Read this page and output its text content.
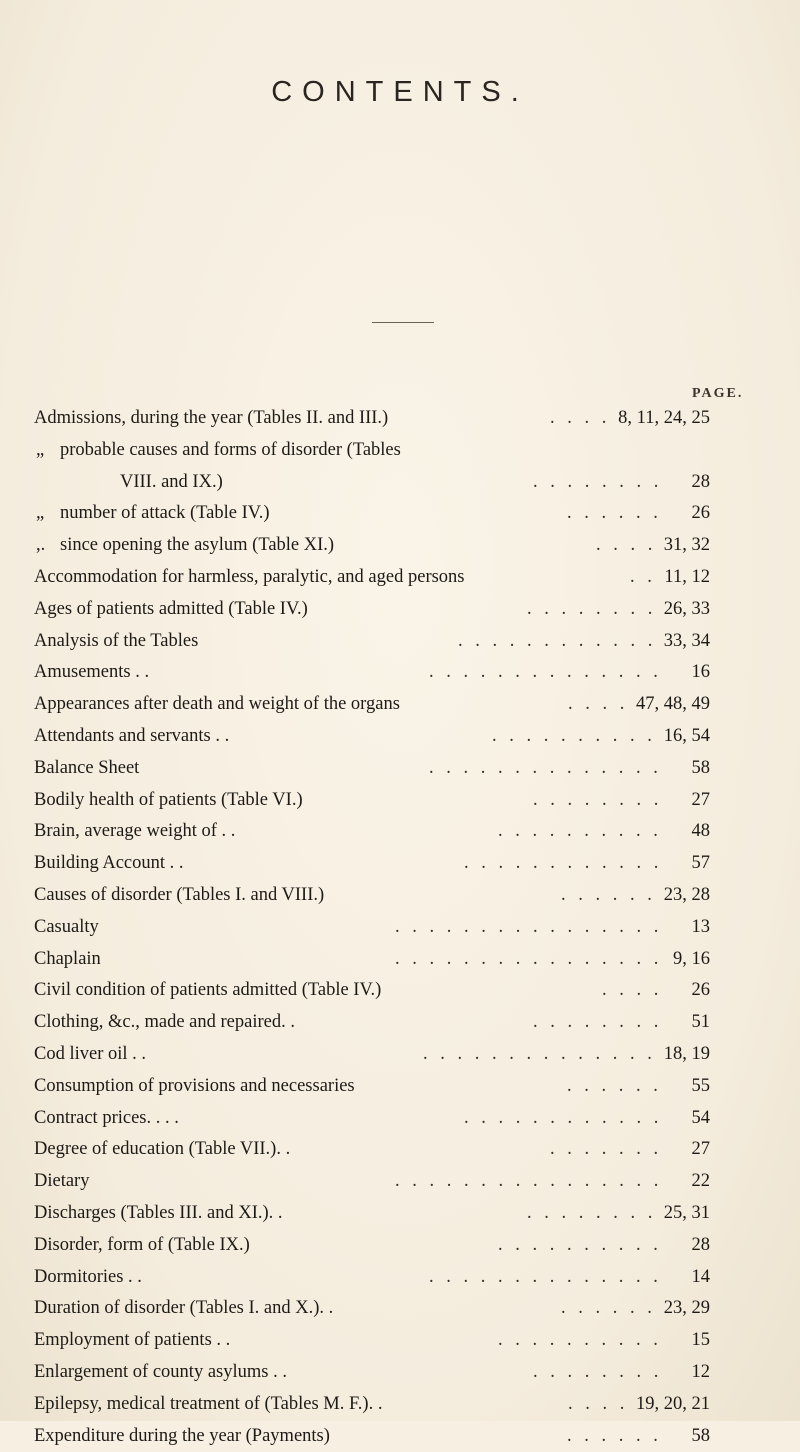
CONTENTS.
PAGE.
Admissions, during the year (Tables II. and III.)	8, 11, 24, 25
. . . .
„ probable causes and forms of disorder (Tables
VIII. and IX.)	28
. . . . . . . .
„ number of attack (Table IV.)	26
. . . . . .
,. since opening the asylum (Table XI.)	31, 32
. . . .
Accommodation for harmless, paralytic, and aged persons	11, 12
. .
Ages of patients admitted (Table IV.)	26, 33
. . . . . . . .
Analysis of the Tables	33, 34
. . . . . . . . . . . .
Amusements . .	16
. . . . . . . . . . . . . .
Appearances after death and weight of the organs	47, 48, 49
. . . .
Attendants and servants . .	16, 54
. . . . . . . . . .
Balance Sheet	58
. . . . . . . . . . . . . .
Bodily health of patients (Table VI.)	27
. . . . . . . .
Brain, average weight of . .	48
. . . . . . . . . .
Building Account . .	57
. . . . . . . . . . . .
Causes of disorder (Tables I. and VIII.)	23, 28
. . . . . .
Casualty	13
. . . . . . . . . . . . . . . .
Chaplain	9, 16
. . . . . . . . . . . . . . . .
Civil condition of patients admitted (Table IV.)	26
. . . .
Clothing, &c., made and repaired. .	51
. . . . . . . .
Cod liver oil . .	18, 19
. . . . . . . . . . . . . .
Consumption of provisions and necessaries	55
. . . . . .
Contract prices. . . .	54
. . . . . . . . . . . .
Degree of education (Table VII.). .	27
. . . . . . .
Dietary	22
. . . . . . . . . . . . . . . .
Discharges (Tables III. and XI.). .	25, 31
. . . . . . . .
Disorder, form of (Table IX.)	28
. . . . . . . . . .
Dormitories . .	14
. . . . . . . . . . . . . .
Duration of disorder (Tables I. and X.). .	23, 29
. . . . . .
Employment of patients . .	15
. . . . . . . . . .
Enlargement of county asylums . .	12
. . . . . . . .
Epilepsy, medical treatment of (Tables M. F.). .	19, 20, 21
. . . .
Expenditure during the year (Payments)	58
. . . . . .
